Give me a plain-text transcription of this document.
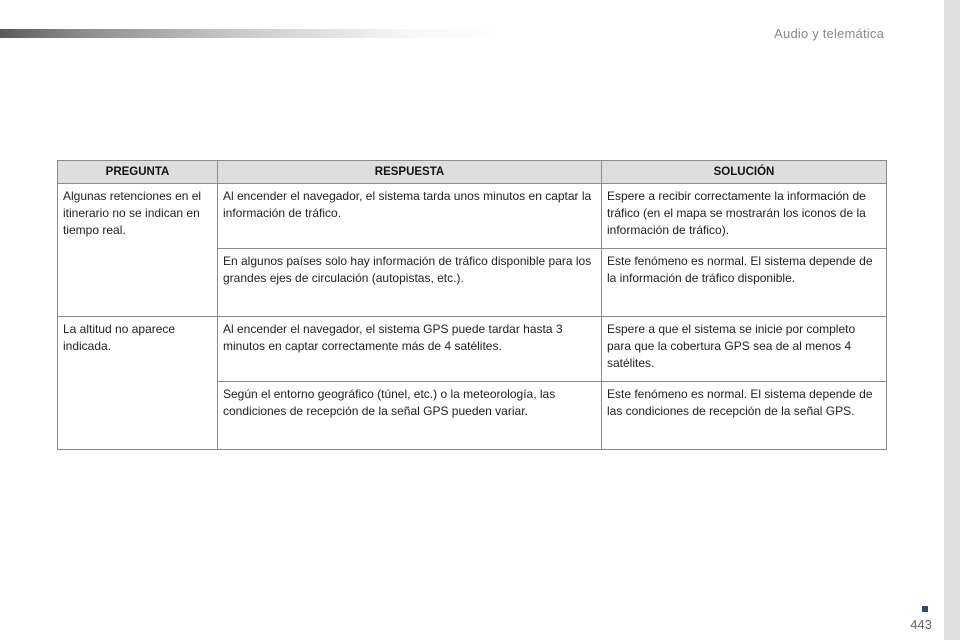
Audio y telemática
PREGUNTA	RESPUESTA	SOLUCIÓN
Algunas retenciones en el itinerario no se indican en tiempo real.	Al encender el navegador, el sistema tarda unos minutos en captar la información de tráfico.	Espere a recibir correctamente la información de tráfico (en el mapa se mostrarán los iconos de la información de tráfico).
	En algunos países solo hay información de tráfico disponible para los grandes ejes de circulación (autopistas, etc.).	Este fenómeno es normal. El sistema depende de la información de tráfico disponible.
La altitud no aparece indicada.	Al encender el navegador, el sistema GPS puede tardar hasta 3 minutos en captar correctamente más de 4 satélites.	Espere a que el sistema se inicie por completo para que la cobertura GPS sea de al menos 4 satélites.
	Según el entorno geográfico (túnel, etc.) o la meteorología, las condiciones de recepción de la señal GPS pueden variar.	Este fenómeno es normal. El sistema depende de las condiciones de recepción de la señal GPS.
443
